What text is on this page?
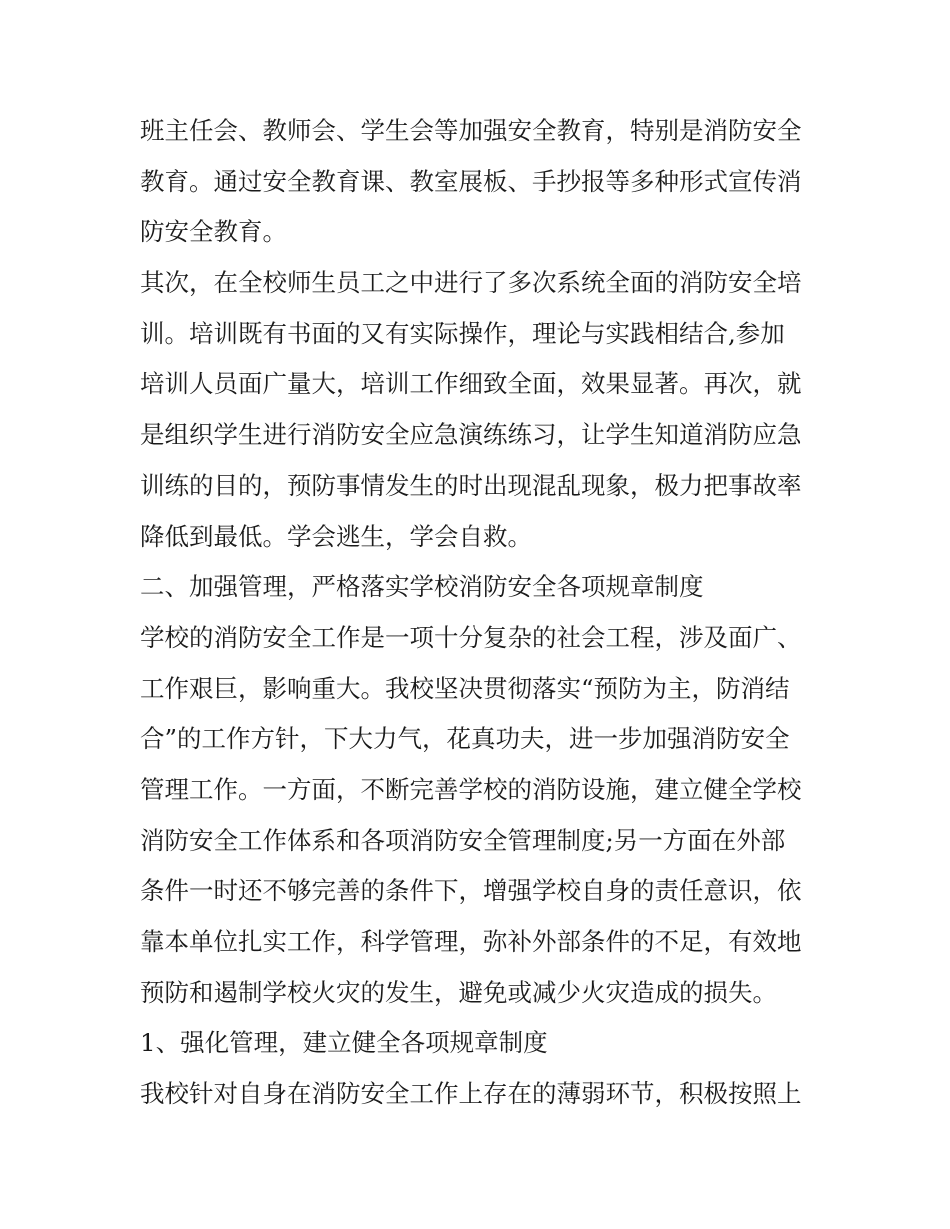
班主任会、教师会、学生会等加强安全教育，特别是消防安全
教育。通过安全教育课、教室展板、手抄报等多种形式宣传消
防安全教育。
其次，在全校师生员工之中进行了多次系统全面的消防安全培
训。培训既有书面的又有实际操作，理论与实践相结合,参加
培训人员面广量大，培训工作细致全面，效果显著。再次，就
是组织学生进行消防安全应急演练练习，让学生知道消防应急
训练的目的，预防事情发生的时出现混乱现象，极力把事故率
降低到最低。学会逃生，学会自救。
二、加强管理，严格落实学校消防安全各项规章制度
学校的消防安全工作是一项十分复杂的社会工程，涉及面广、
工作艰巨，影响重大。我校坚决贯彻落实“预防为主，防消结
合”的工作方针，下大力气，花真功夫，进一步加强消防安全
管理工作。一方面，不断完善学校的消防设施，建立健全学校
消防安全工作体系和各项消防安全管理制度;另一方面在外部
条件一时还不够完善的条件下，增强学校自身的责任意识，依
靠本单位扎实工作，科学管理，弥补外部条件的不足，有效地
预防和遏制学校火灾的发生，避免或减少火灾造成的损失。
1、强化管理，建立健全各项规章制度
我校针对自身在消防安全工作上存在的薄弱环节，积极按照上
